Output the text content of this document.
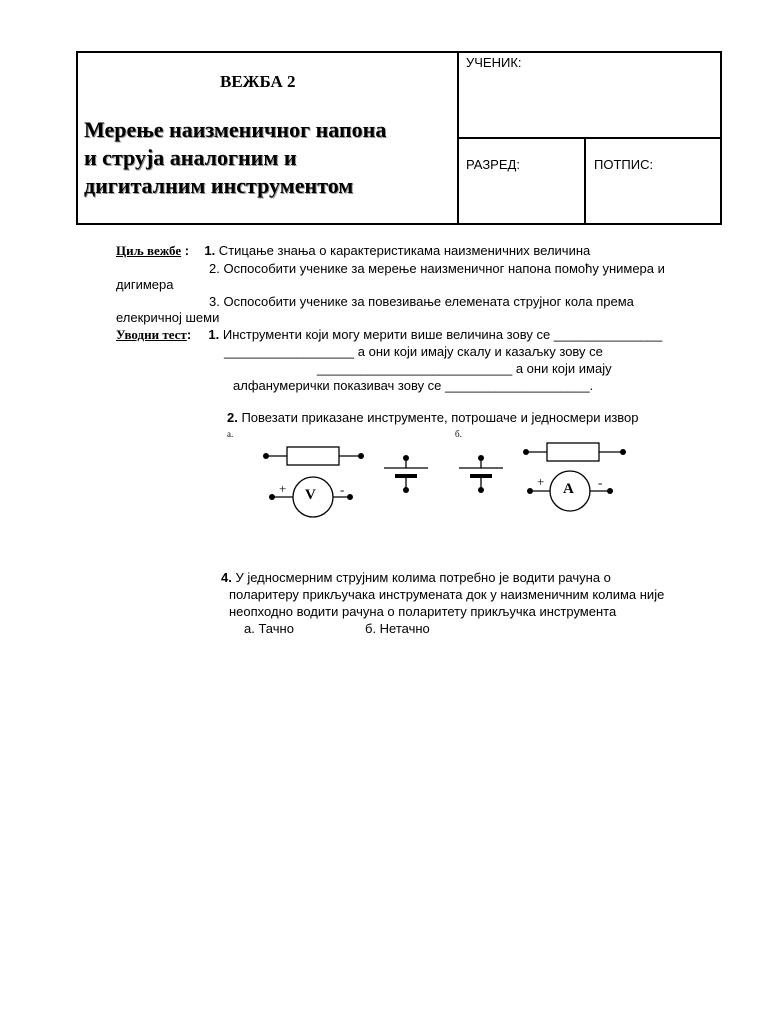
ВЕЖБА 2
Мерење наизменичног напона
и струја аналогним и
дигиталним инструментом
УЧЕНИК:
РАЗРЕД:	ПОТПИС:
Циљ вежбе : 1. Стицање знања о карактеристикама наизменичних величина
2. Оспособити ученике за мерење наизменичног напона помоћу унимера и
дигимера
3. Оспособити ученике за повезивање елемената струјног кола према
елекричној шеми
Уводни тест: 1. Инструменти који могу мерити више величина зову се _______________
__________________ а они који имају скалу и казаљку зову се
___________________________ а они који имају
алфанумерички показивач зову се ____________________.
2. Повезати приказане инструменте, потрошаче и једносмери извор
a.	б.
V
+	-	A
+	-
4. У једносмерним струјним колима потребно је водити рачуна о
поларитеру прикључака инструмената док у наизменичним колима није
неопходно водити рачуна о поларитету прикључка инструмента
а. Тачно	б. Нетачно
